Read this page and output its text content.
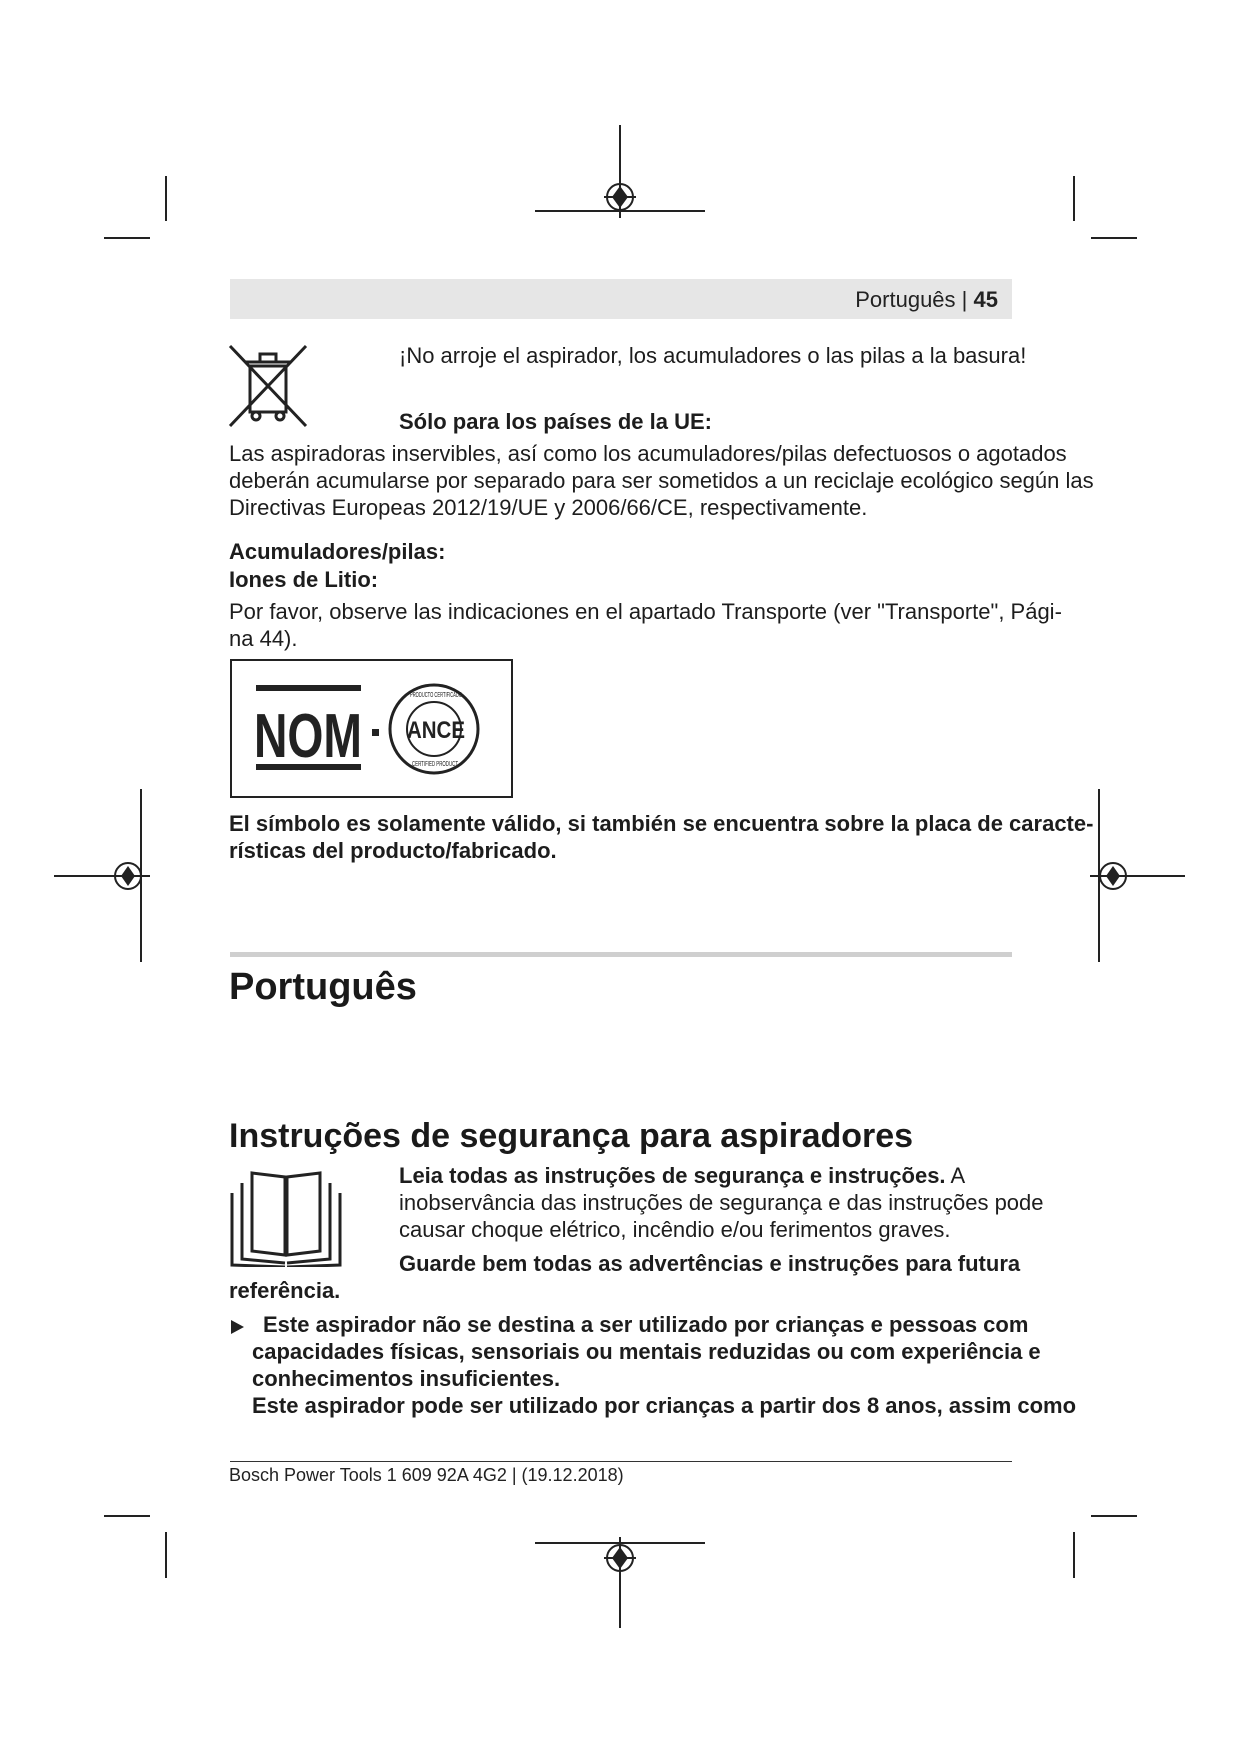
Português | 45
¡No arroje el aspirador, los acumuladores o las pilas a la basura!
Sólo para los países de la UE:
Las aspiradoras inservibles, así como los acumuladores/pilas defectuosos o agotados
deberán acumularse por separado para ser sometidos a un reciclaje ecológico según las
Directivas Europeas 2012/19/UE y 2006/66/CE, respectivamente.
Acumuladores/pilas:
Iones de Litio:
Por favor, observe las indicaciones en el apartado Transporte (ver "Transporte", Pági-
na 44).
NOM ANCE
PRODUCTO CERTIFICADO
CERTIFIED PRODUCT
El símbolo es solamente válido, si también se encuentra sobre la placa de caracte-
rísticas del producto/fabricado.
Português
Instruções de segurança para aspiradores
Leia todas as instruções de segurança e instruções. A
inobservância das instruções de segurança e das instruções pode
causar choque elétrico, incêndio e/ou ferimentos graves.
Guarde bem todas as advertências e instruções para futura
referência.
Este aspirador não se destina a ser utilizado por crianças e pessoas com
capacidades físicas, sensoriais ou mentais reduzidas ou com experiência e
conhecimentos insuficientes.
Este aspirador pode ser utilizado por crianças a partir dos 8 anos, assim como
Bosch Power Tools 1 609 92A 4G2 | (19.12.2018)
